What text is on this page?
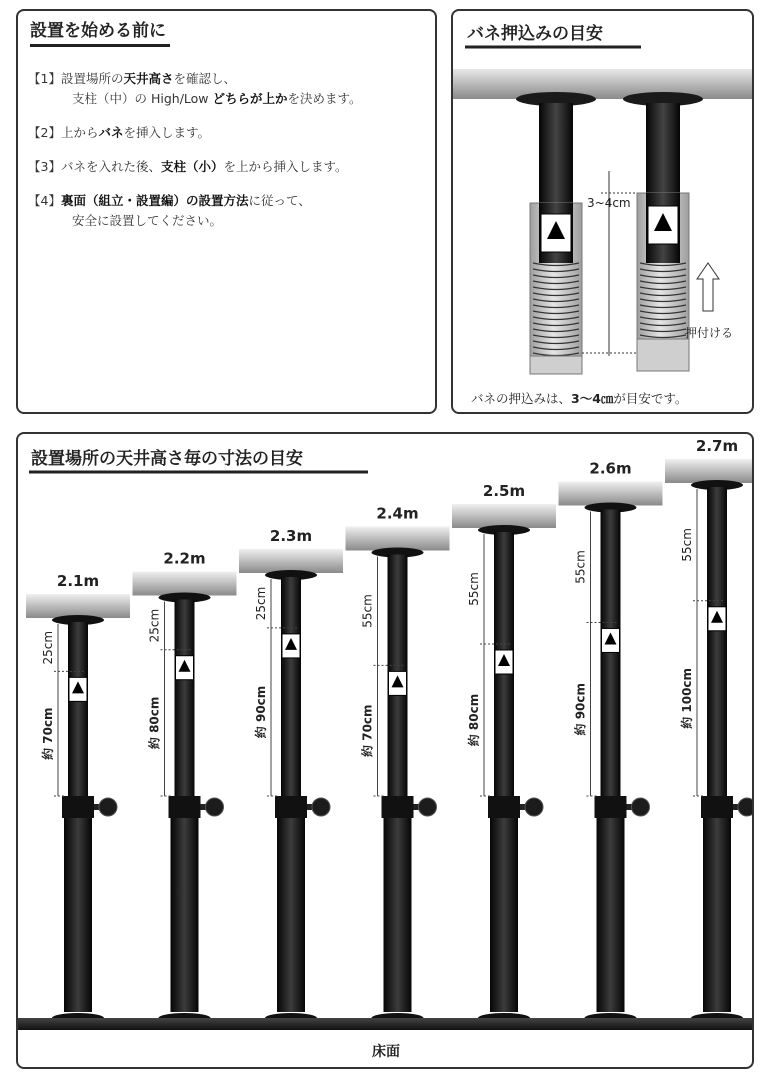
設置を始める前に
【1】設置場所の天井高さを確認し、
支柱（中）の High/Low どちらが上かを決めます。
【2】上からバネを挿入します。
【3】バネを入れた後、支柱（小）を上から挿入します。
【4】裏面（組立・設置編）の設置方法に従って、
安全に設置してください。
3~4cm
押付ける
バネの押込みは、3～4㎝が目安です。
バネ押込みの目安
設置場所の天井高さ毎の寸法の目安
2.1m
25cm
約 70cm
2.2m
25cm
約 80cm
2.3m
25cm
約 90cm
2.4m
55cm
約 70cm
2.5m
55cm
約 80cm
2.6m
55cm
約 90cm
2.7m
55cm
約 100cm
床面
